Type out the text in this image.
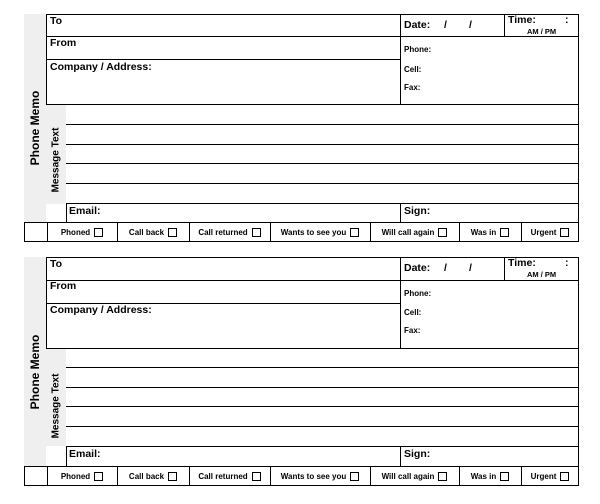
Phone Memo Message Text
To
From
Company / Address:
Date: / /	Time:	:
AM / PM
Phone:
Cell:
Fax:
Email:	Sign:
Phoned	Call back	Call returned	Wants to see you	Will call again	Was in	Urgent
Phone Memo Message Text
To
From
Company / Address:
Date: / /	Time:	:
AM / PM
Phone:
Cell:
Fax:
Email:	Sign:
Phoned	Call back	Call returned	Wants to see you	Will call again	Was in	Urgent
